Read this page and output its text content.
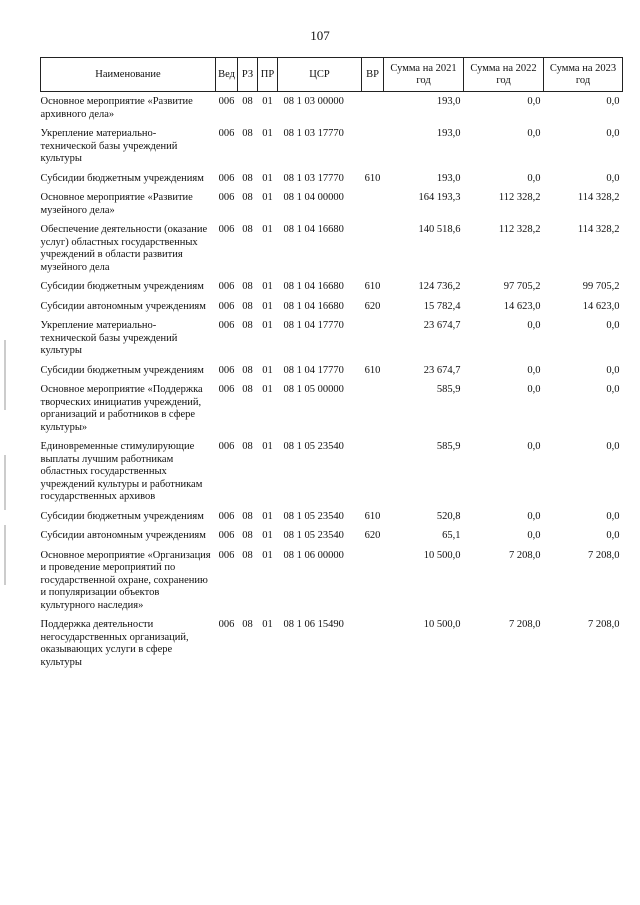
107
Наименование	Вед	РЗ	ПР	ЦСР	ВР	Сумма на 2021 год	Сумма на 2022 год	Сумма на 2023 год
Основное мероприятие «Развитие архивного дела»	006	08	01	08 1 03 00000		193,0	0,0	0,0
Укрепление материально-технической базы учреждений культуры	006	08	01	08 1 03 17770		193,0	0,0	0,0
Субсидии бюджетным учреждениям	006	08	01	08 1 03 17770	610	193,0	0,0	0,0
Основное мероприятие «Развитие музейного дела»	006	08	01	08 1 04 00000		164 193,3	112 328,2	114 328,2
Обеспечение деятельности (оказание услуг) областных государственных учреждений в области развития музейного дела	006	08	01	08 1 04 16680		140 518,6	112 328,2	114 328,2
Субсидии бюджетным учреждениям	006	08	01	08 1 04 16680	610	124 736,2	97 705,2	99 705,2
Субсидии автономным учреждениям	006	08	01	08 1 04 16680	620	15 782,4	14 623,0	14 623,0
Укрепление материально-технической базы учреждений культуры	006	08	01	08 1 04 17770		23 674,7	0,0	0,0
Субсидии бюджетным учреждениям	006	08	01	08 1 04 17770	610	23 674,7	0,0	0,0
Основное мероприятие «Поддержка творческих инициатив учреждений, организаций и работников в сфере культуры»	006	08	01	08 1 05 00000		585,9	0,0	0,0
Единовременные стимулирующие выплаты лучшим работникам областных государственных учреждений культуры и работникам государственных архивов	006	08	01	08 1 05 23540		585,9	0,0	0,0
Субсидии бюджетным учреждениям	006	08	01	08 1 05 23540	610	520,8	0,0	0,0
Субсидии автономным учреждениям	006	08	01	08 1 05 23540	620	65,1	0,0	0,0
Основное мероприятие «Организация и проведение мероприятий по государственной охране, сохранению и популяризации объектов культурного наследия»	006	08	01	08 1 06 00000		10 500,0	7 208,0	7 208,0
Поддержка деятельности негосударственных организаций, оказывающих услуги в сфере культуры	006	08	01	08 1 06 15490		10 500,0	7 208,0	7 208,0
